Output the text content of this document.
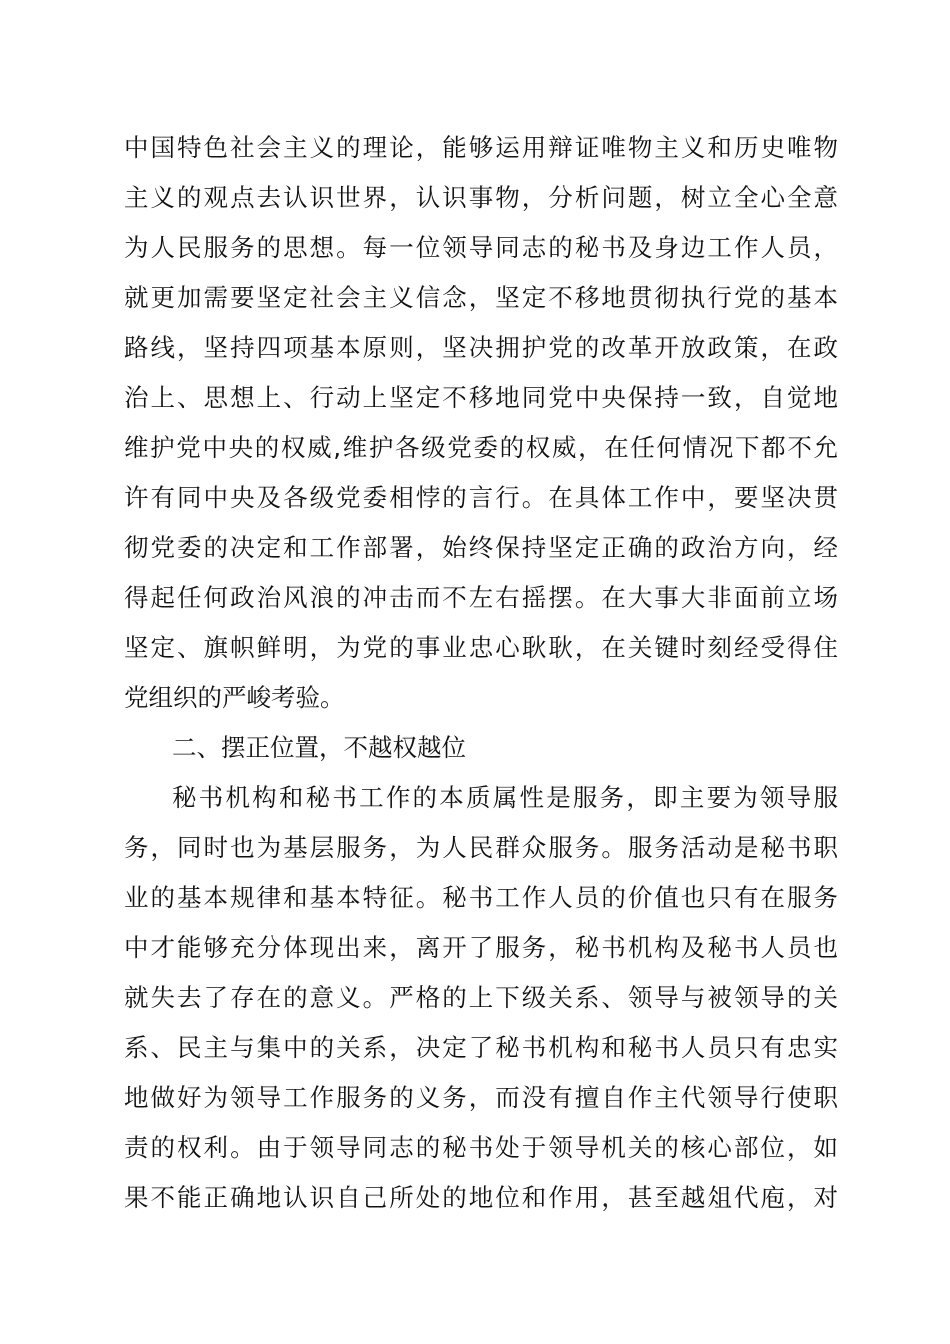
中国特色社会主义的理论，能够运用辩证唯物主义和历史唯物
主义的观点去认识世界，认识事物，分析问题，树立全心全意
为人民服务的思想。每一位领导同志的秘书及身边工作人员，
就更加需要坚定社会主义信念，坚定不移地贯彻执行党的基本
路线，坚持四项基本原则，坚决拥护党的改革开放政策，在政
治上、思想上、行动上坚定不移地同党中央保持一致，自觉地
维护党中央的权威,维护各级党委的权威，在任何情况下都不允
许有同中央及各级党委相悖的言行。在具体工作中，要坚决贯
彻党委的决定和工作部署，始终保持坚定正确的政治方向，经
得起任何政治风浪的冲击而不左右摇摆。在大事大非面前立场
坚定、旗帜鲜明，为党的事业忠心耿耿，在关键时刻经受得住
党组织的严峻考验。
二、摆正位置，不越权越位
秘书机构和秘书工作的本质属性是服务，即主要为领导服
务，同时也为基层服务，为人民群众服务。服务活动是秘书职
业的基本规律和基本特征。秘书工作人员的价值也只有在服务
中才能够充分体现出来，离开了服务，秘书机构及秘书人员也
就失去了存在的意义。严格的上下级关系、领导与被领导的关
系、民主与集中的关系，决定了秘书机构和秘书人员只有忠实
地做好为领导工作服务的义务，而没有擅自作主代领导行使职
责的权利。由于领导同志的秘书处于领导机关的核心部位，如
果不能正确地认识自己所处的地位和作用，甚至越俎代庖，对
